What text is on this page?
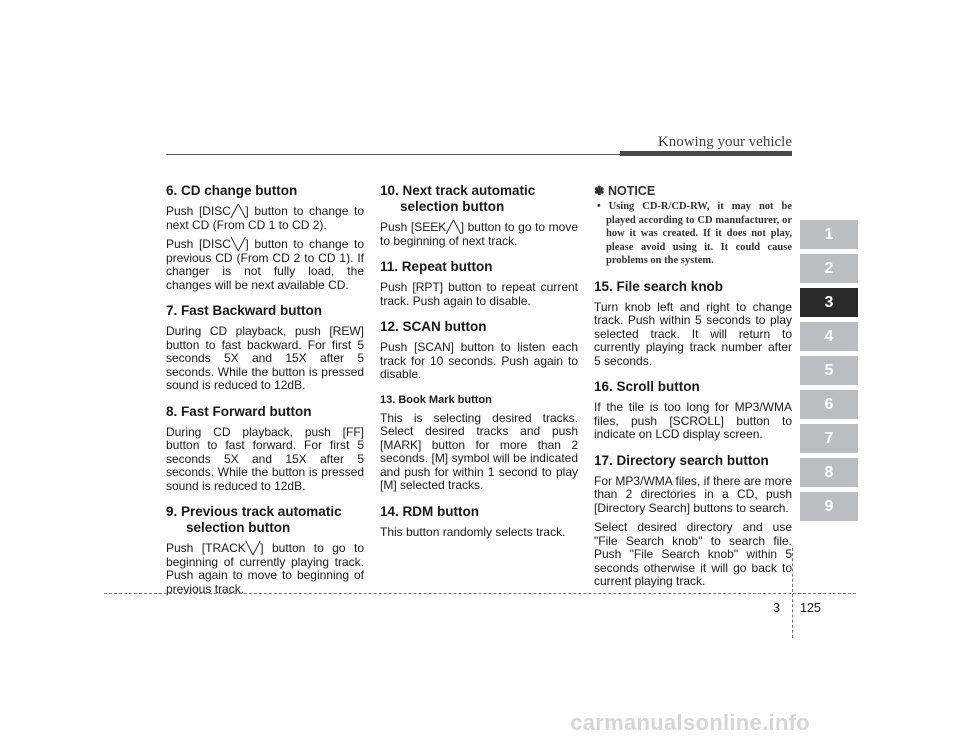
Knowing your vehicle
6. CD change button

Push [DISC╱╲] button to change to next CD (From CD 1 to CD 2).

Push [DISC╲╱] button to change to previous CD (From CD 2 to CD 1). If changer is not fully load, the changes will be next available CD.

7. Fast Backward button

During CD playback, push [REW] button to fast backward. For first 5 seconds 5X and 15X after 5 seconds. While the button is pressed sound is reduced to 12dB.

8. Fast Forward button

During CD playback, push [FF] button to fast forward. For first 5 seconds 5X and 15X after 5 seconds. While the button is pressed sound is reduced to 12dB.

9. Previous track automatic selection button

Push [TRACK╲╱] button to go to beginning of currently playing track. Push again to move to beginning of previous track.

10. Next track automatic selection button

Push [SEEK╱╲] button to go to move to beginning of next track.

11. Repeat button

Push [RPT] button to repeat current track. Push again to disable.

12. SCAN button

Push [SCAN] button to listen each track for 10 seconds. Push again to disable.

13. Book Mark button

This is selecting desired tracks. Select desired tracks and push [MARK] button for more than 2 seconds. [M] symbol will be indicated and push for within 1 second to play [M] selected tracks.

14. RDM button

This button randomly selects track.

✽ NOTICE
• Using CD-R/CD-RW, it may not be played according to CD manufacturer, or how it was created. If it does not play, please avoid using it. It could cause problems on the system.
15. File search knob

Turn knob left and right to change track. Push within 5 seconds to play selected track. It will return to currently playing track number after 5 seconds.

16. Scroll button

If the tile is too long for MP3/WMA files, push [SCROLL] button to indicate on LCD display screen.

17. Directory search button

For MP3/WMA files, if there are more than 2 directories in a CD, push [Directory Search] buttons to search.

Select desired directory and use "File Search knob" to search file. Push "File Search knob" within 5 seconds otherwise it will go back to current playing track.

1
2
3
4
5
6
7
8
9
3 125
carmanualsonline.info
